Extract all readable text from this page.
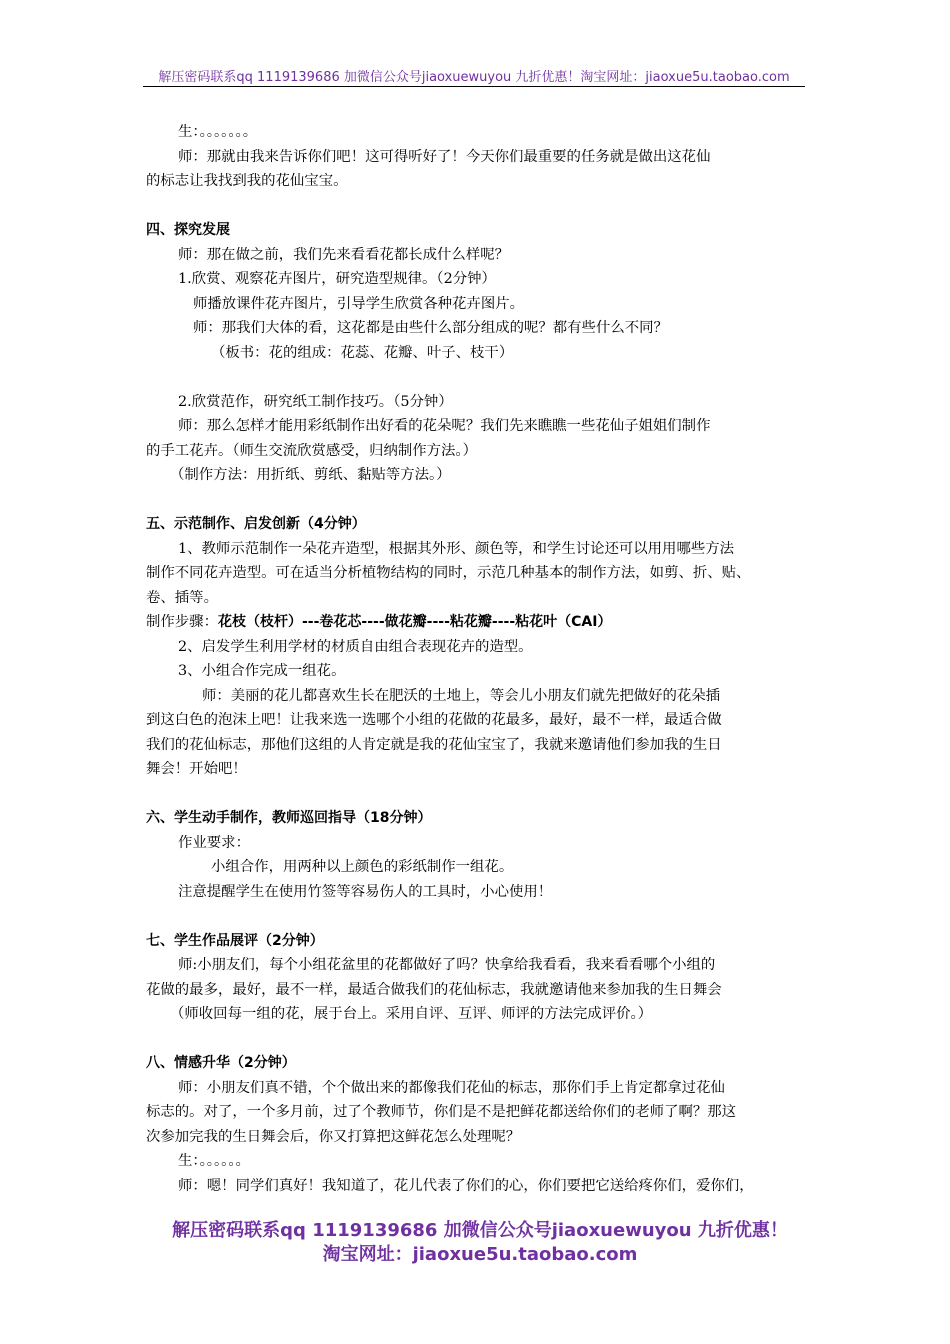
解压密码联系qq 1119139686 加微信公众号jiaoxuewuyou 九折优惠！淘宝网址：jiaoxue5u.taobao.com

生：。。。。。。。

师：那就由我来告诉你们吧！这可得听好了！今天你们最重要的任务就是做出这花仙

的标志让我找到我的花仙宝宝。

四、探究发展

师：那在做之前，我们先来看看花都长成什么样呢？

1.欣赏、观察花卉图片，研究造型规律。（2分钟）

师播放课件花卉图片，引导学生欣赏各种花卉图片。

师：那我们大体的看，这花都是由些什么部分组成的呢？都有些什么不同？

（板书：花的组成：花蕊、花瓣、叶子、枝干）

2.欣赏范作，研究纸工制作技巧。（5分钟）

师：那么怎样才能用彩纸制作出好看的花朵呢？我们先来瞧瞧一些花仙子姐姐们制作

的手工花卉。（师生交流欣赏感受，归纳制作方法。）

（制作方法：用折纸、剪纸、黏贴等方法。）

五、示范制作、启发创新（4分钟）

1、教师示范制作一朵花卉造型，根据其外形、颜色等，和学生讨论还可以用用哪些方法

制作不同花卉造型。可在适当分析植物结构的同时，示范几种基本的制作方法，如剪、折、贴、

卷、插等。

制作步骤：花枝（枝杆）---卷花芯----做花瓣----粘花瓣----粘花叶（CAI）

2、启发学生利用学材的材质自由组合表现花卉的造型。

3、小组合作完成一组花。

师：美丽的花儿都喜欢生长在肥沃的土地上，等会儿小朋友们就先把做好的花朵插

到这白色的泡沫上吧！让我来选一选哪个小组的花做的花最多，最好，最不一样，最适合做

我们的花仙标志，那他们这组的人肯定就是我的花仙宝宝了，我就来邀请他们参加我的生日

舞会！开始吧！

六、学生动手制作，教师巡回指导（18分钟）

作业要求：

小组合作，用两种以上颜色的彩纸制作一组花。

注意提醒学生在使用竹签等容易伤人的工具时，小心使用！

七、学生作品展评（2分钟）

师:小朋友们，每个小组花盆里的花都做好了吗？快拿给我看看，我来看看哪个小组的

花做的最多，最好，最不一样，最适合做我们的花仙标志，我就邀请他来参加我的生日舞会

（师收回每一组的花，展于台上。采用自评、互评、师评的方法完成评价。）

八、情感升华（2分钟）

师：小朋友们真不错，个个做出来的都像我们花仙的标志，那你们手上肯定都拿过花仙

标志的。对了，一个多月前，过了个教师节，你们是不是把鲜花都送给你们的老师了啊？那这

次参加完我的生日舞会后，你又打算把这鲜花怎么处理呢？

生：。。。。。。

师：嗯！同学们真好！我知道了，花儿代表了你们的心，你们要把它送给疼你们，爱你们，

解压密码联系qq 1119139686 加微信公众号jiaoxuewuyou 九折优惠！
淘宝网址：jiaoxue5u.taobao.com
